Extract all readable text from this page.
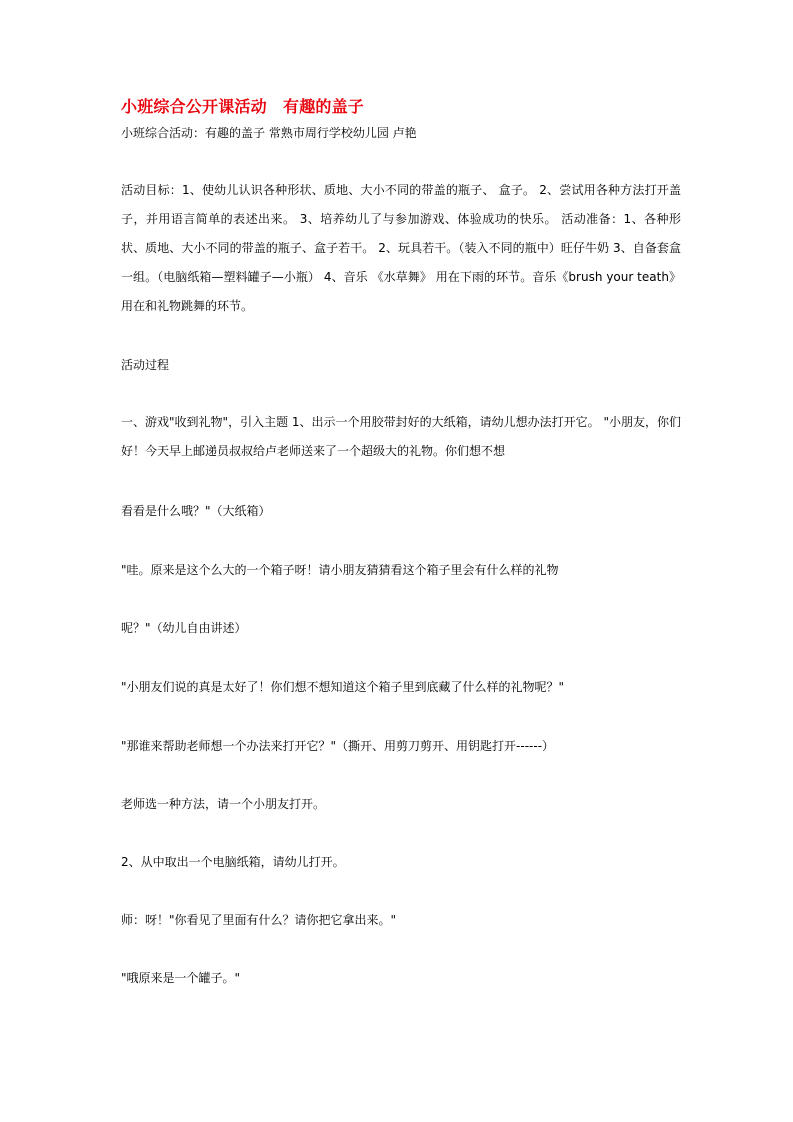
小班综合公开课活动　有趣的盖子
小班综合活动：有趣的盖子 常熟市周行学校幼儿园 卢艳

活动目标：1、使幼儿认识各种形状、质地、大小不同的带盖的瓶子、 盒子。 2、尝试用各种方法打开盖子，并用语言简单的表述出来。 3、培养幼儿了与参加游戏、体验成功的快乐。 活动准备：1、各种形状、质地、大小不同的带盖的瓶子、盒子若干。 2、玩具若干。（装入不同的瓶中）旺仔牛奶 3、自备套盒一组。（电脑纸箱—塑料罐子—小瓶） 4、音乐 《水草舞》 用在下雨的环节。音乐《brush your teath》用在和礼物跳舞的环节。

活动过程

一、游戏"收到礼物"，引入主题 1、出示一个用胶带封好的大纸箱，请幼儿想办法打开它。 "小朋友，你们好！今天早上邮递员叔叔给卢老师送来了一个超级大的礼物。你们想不想

看看是什么哦？"（大纸箱）

"哇。原来是这个么大的一个箱子呀！请小朋友猜猜看这个箱子里会有什么样的礼物

呢？"（幼儿自由讲述）

"小朋友们说的真是太好了！你们想不想知道这个箱子里到底藏了什么样的礼物呢？"

"那谁来帮助老师想一个办法来打开它？"（撕开、用剪刀剪开、用钥匙打开------）

老师选一种方法，请一个小朋友打开。

2、从中取出一个电脑纸箱，请幼儿打开。

师：呀！"你看见了里面有什么？请你把它拿出来。"

"哦原来是一个罐子。"
